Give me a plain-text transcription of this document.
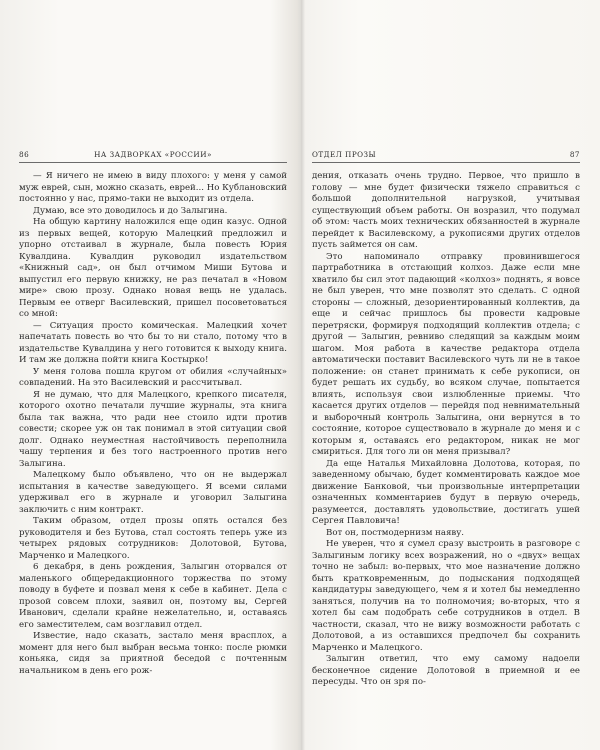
86	НА ЗАДВОРКАХ «РОССИИ»

— Я ничего не имею в виду плохого: у меня у самой муж еврей, сын, можно сказать, еврей... Но Кублановский постоянно у нас, прямо-таки не выходит из отдела.

Думаю, все это доводилось и до Залыгина.

На общую картину наложился еще один казус. Одной из первых вещей, которую Малецкий предложил и упорно отстаивал в журнале, была повесть Юрия Кувалдина. Кувалдин руководил издательством «Книжный сад», он был отчимом Миши Бутова и выпустил его первую книжку, не раз печатал в «Новом мире» свою прозу. Однако новая вещь не удалась. Первым ее отверг Василевский, пришел посоветоваться со мной:

— Ситуация просто комическая. Малецкий хочет напечатать повесть во что бы то ни стало, потому что в издательстве Кувалдина у него готовится к выходу книга. И там же должна пойти книга Костырко!

У меня голова пошла кругом от обилия «случайных» совпадений. На это Василевский и рассчитывал.

Я не думаю, что для Малецкого, крепкого писателя, которого охотно печатали лучшие журналы, эта книга была так важна, что ради нее стоило идти против совести; скорее уж он так понимал в этой ситуации свой долг. Однако неуместная настойчивость переполнила чашу терпения и без того настроенного против него Залыгина.

Малецкому было объявлено, что он не выдержал испытания в качестве заведующего. Я всеми силами удерживал его в журнале и уговорил Залыгина заключить с ним контракт.

Таким образом, отдел прозы опять остался без руководителя и без Бутова, стал состоять теперь уже из четырех рядовых сотрудников: Долотовой, Бутова, Марченко и Малецкого.

6 декабря, в день рождения, Залыгин оторвался от маленького общередакционного торжества по этому поводу в буфете и позвал меня к себе в кабинет. Дела с прозой совсем плохи, заявил он, поэтому вы, Сергей Иванович, сделали крайне нежелательно, и, оставаясь его заместителем, сам возглавил отдел.

Известие, надо сказать, застало меня врасплох, а момент для него был выбран весьма тонко: после рюмки коньяка, сидя за приятной беседой с почтенным начальником в день его рож-

ОТДЕЛ ПРОЗЫ	87

дения, отказать очень трудно. Первое, что пришло в голову — мне будет физически тяжело справиться с большой дополнительной нагрузкой, учитывая существующий объем работы. Он возразил, что подумал об этом: часть моих технических обязанностей в журнале перейдет к Василевскому, а рукописями других отделов пусть займется он сам.

Это напоминало отправку провинившегося партработника в отстающий колхоз. Даже если мне хватило бы сил этот падающий «колхоз» поднять, я вовсе не был уверен, что мне позволят это сделать. С одной стороны — сложный, дезориентированный коллектив, да еще и сейчас пришлось бы провести кадровые перетряски, формируя подходящий коллектив отдела; с другой — Залыгин, ревниво следящий за каждым моим шагом. Моя работа в качестве редактора отдела автоматически поставит Василевского чуть ли не в такое положение: он станет принимать к себе рукописи, он будет решать их судьбу, во всяком случае, попытается влиять, используя свои излюбленные приемы. Что касается других отделов — перейдя под невнимательный и выборочный контроль Залыгина, они вернутся в то состояние, которое существовало в журнале до меня и с которым я, оставаясь его редактором, никак не мог смириться. Для того ли он меня призывал?

Да еще Наталья Михайловна Долотова, которая, по заведенному обычаю, будет комментировать каждое мое движение Банковой, чьи произвольные интерпретации означенных комментариев будут в первую очередь, разумеется, доставлять удовольствие, достигать ушей Сергея Павловича!

Вот он, постмодернизм наяву.

Не уверен, что я сумел сразу выстроить в разговоре с Залыгиным логику всех возражений, но о «двух» вещах точно не забыл: во-первых, что мое назначение должно быть кратковременным, до подыскания подходящей кандидатуры заведующего, чем я и хотел бы немедленно заняться, получив на то полномочия; во-вторых, что я хотел бы сам подобрать себе сотрудников в отдел. В частности, сказал, что не вижу возможности работать с Долотовой, а из оставшихся предпочел бы сохранить Марченко и Малецкого.

Залыгин ответил, что ему самому надоели бесконечное сидение Долотовой в приемной и ее пересуды. Что он зря по-
